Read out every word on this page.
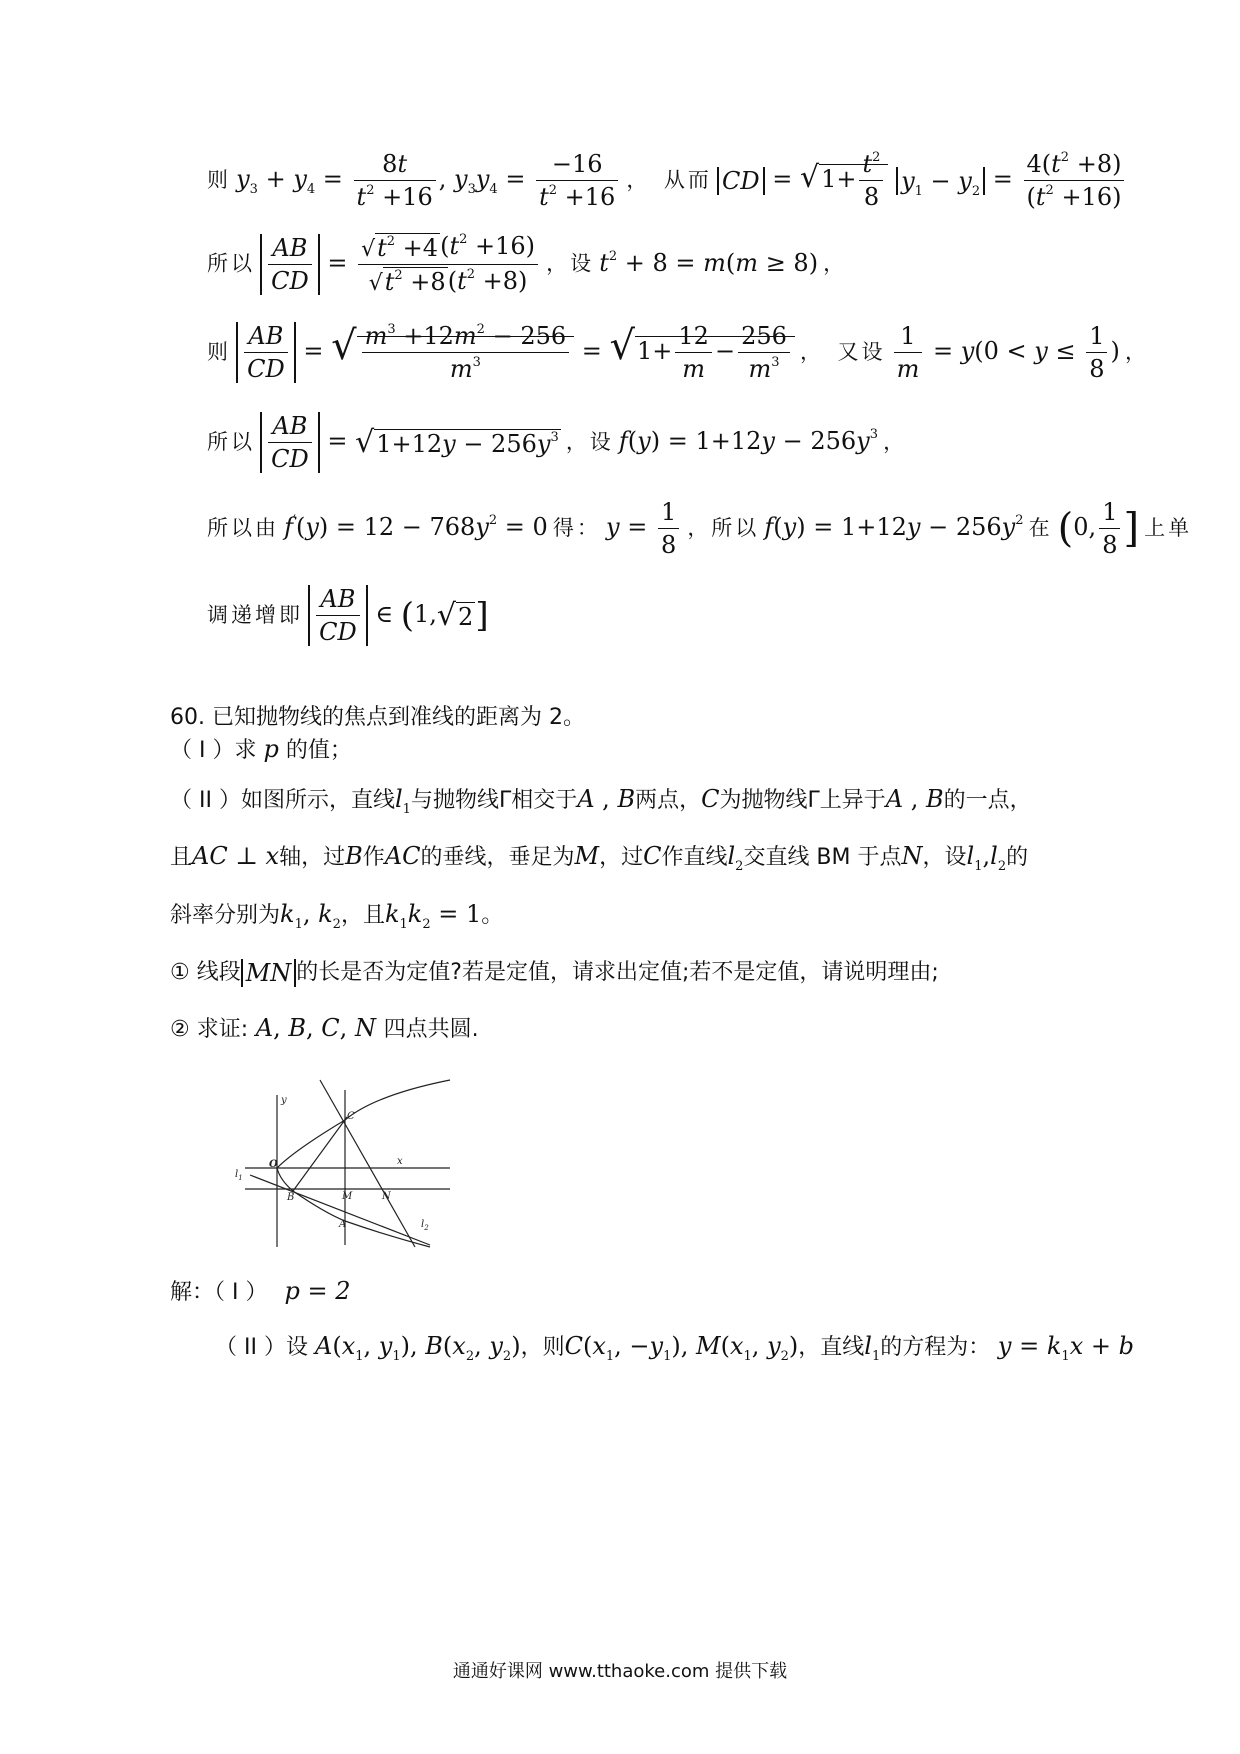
则 $y_3 + y_4 = \frac{8t}{t^2 +16}$ , $y_3y_4 = \frac{-16}{t^2 +16}$ ，　从而 CD = $√1+ \frac{t^2}{8} y_1 - y_2 = \frac{4(t^2 +8)}{(t^2 +16)}$
所以 $\frac{AB}{CD} = \frac{√t^2 +4(t^2 +16)}{√t^2 +8(t^2 +8)}$ ，设 $t^2 + 8 = m(m \ge 8)$ ，
则 $\frac{AB}{CD}$ = √ $\frac{m^3 +12m^2 - 256}{m^3} = √1+ \frac{12}{m} - \frac{256}{m^3}$ ，　又设 $\frac{1}{m} = y(0 < y \le \frac{1}{8}$ ) ，
所以 $\frac{AB}{CD} = √1+12y - 256y^3$ ，设 $f(y) = 1+12y - 256y^3$ ，
所以由 $f'(y) = 12 - 768y^2 = 0$ 得： $y = \frac{1}{8}$ ，所以 $f(y) = 1+12y - 256y^2$ 在 (0, $\frac{1}{8}$ ] 上单
调递增即 $\frac{AB}{CD}$ ∈ (1,√2]
60. 已知抛物线的焦点到准线的距离为 2。
（ I ）求 p 的值；
（ II ）如图所示，直线$l_1$与抛物线Γ相交于A , B两点，C为抛物线Γ上异于A , B的一点，
且AC ⊥ x轴，过B作AC的垂线，垂足为M，过C作直线$l_2$交直线 BM 于点N，设$l_1,l_2$的
斜率分别为$k_1$, $k_2$，且$k_1k_2 = 1$。
① 线段 MN 的长是否为定值?若是定值，请求出定值;若不是定值，请说明理由;
② 求证: A, B, C, N 四点共圆.
y
x
O
C
B	M	N
A
$l_1$
$l_2$
解：（ I ） p = 2
（ II ）设 $A(x_1$, $y_1$), $B(x_2$, $y_2$)，则$C(x_1$, $-y_1$), $M(x_1$, $y_2$)，直线$l_1$的方程为： $y = k_1x + b$
通通好课网 www.tthaoke.com 提供下载
